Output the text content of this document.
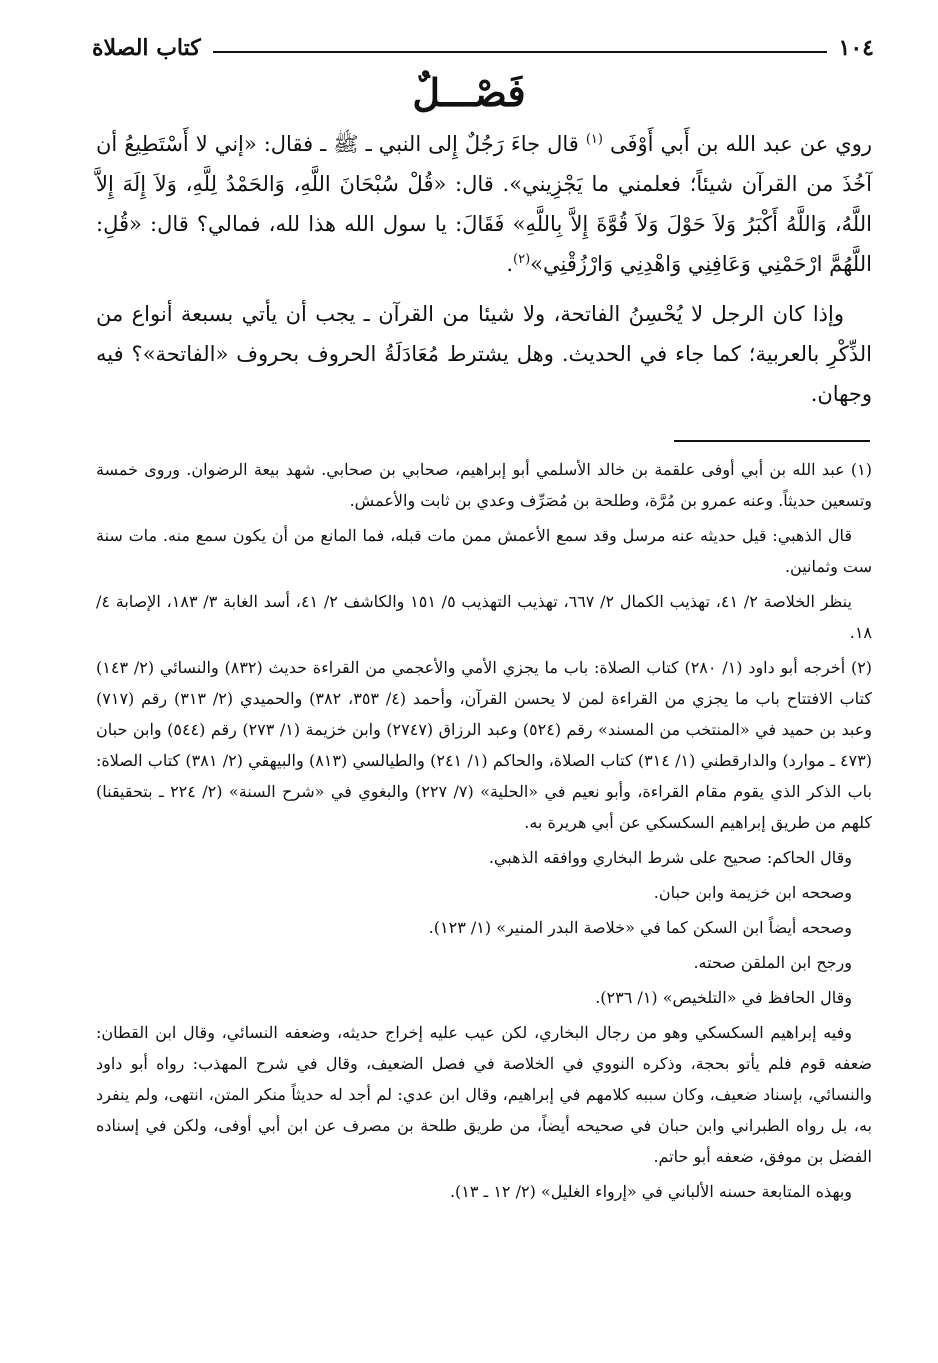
١٠٤
كتاب الصلاة
فَصْـــلٌ

روي عن عبد الله بن أَبي أَوْفَى $^{(١)}$ قال جاءَ رَجُلٌ إِلى النبي ـ ﷺ ـ فقال: «إني لا أَسْتَطِيعُ أن آخُذَ من القرآن شيئاً؛ فعلمني ما يَجْزِيني». قال: «قُلْ سُبْحَانَ اللَّهِ، وَالحَمْدُ لِلَّهِ، وَلاَ إِلَهَ إِلاَّ اللَّهُ، وَاللَّهُ أَكْبَرُ وَلاَ حَوْلَ وَلاَ قُوَّةَ إِلاَّ بِاللَّهِ» فَقَالَ: يا سول الله هذا لله، فمالي؟ قال: «قُلِ: اللَّهُمَّ ارْحَمْنِي وَعَافِنِي وَاهْدِنِي وَارْزُقْنِي»$^{(٢)}$.

وإذا كان الرجل لا يُحْسِنُ الفاتحة، ولا شيئا من القرآن ـ يجب أن يأتي بسبعة أنواع من الذِّكْرِ بالعربية؛ كما جاء في الحديث. وهل يشترط مُعَادَلَةُ الحروف بحروف «الفاتحة»؟ فيه وجهان.

(١) عبد الله بن أبي أوفى علقمة بن خالد الأسلمي أبو إبراهيم، صحابي بن صحابي. شهد بيعة الرضوان. وروى خمسة وتسعين حديثاً. وعنه عمرو بن مُرَّة، وطلحة بن مُصَرِّف وعدي بن ثابت والأعمش.

قال الذهبي: قيل حديثه عنه مرسل وقد سمع الأعمش ممن مات قبله، فما المانع من أن يكون سمع منه. مات سنة ست وثمانين.

ينظر الخلاصة ٢/ ٤١، تهذيب الكمال ٢/ ٦٦٧، تهذيب التهذيب ٥/ ١٥١ والكاشف ٢/ ٤١، أسد الغابة ٣/ ١٨٣، الإصابة ٤/ ١٨.

(٢) أخرجه أبو داود (١/ ٢٨٠) كتاب الصلاة: باب ما يجزي الأمي والأعجمي من القراءة حديث (٨٣٢) والنسائي (٢/ ١٤٣) كتاب الافتتاح باب ما يجزي من القراءة لمن لا يحسن القرآن، وأحمد (٤/ ٣٥٣، ٣٨٢) والحميدي (٢/ ٣١٣) رقم (٧١٧) وعبد بن حميد في «المنتخب من المسند» رقم (٥٢٤) وعبد الرزاق (٢٧٤٧) وابن خزيمة (١/ ٢٧٣) رقم (٥٤٤) وابن حبان (٤٧٣ ـ موارد) والدارقطني (١/ ٣١٤) كتاب الصلاة، والحاكم (١/ ٢٤١) والطيالسي (٨١٣) والبيهقي (٢/ ٣٨١) كتاب الصلاة: باب الذكر الذي يقوم مقام القراءة، وأبو نعيم في «الحلية» (٧/ ٢٢٧) والبغوي في «شرح السنة» (٢/ ٢٢٤ ـ بتحقيقنا) كلهم من طريق إبراهيم السكسكي عن أبي هريرة به.

وقال الحاكم: صحيح على شرط البخاري ووافقه الذهبي.

وصححه ابن خزيمة وابن حبان.

وصححه أيضاً ابن السكن كما في «خلاصة البدر المنير» (١/ ١٢٣).

ورجح ابن الملقن صحته.

وقال الحافظ في «التلخيص» (١/ ٢٣٦).

وفيه إبراهيم السكسكي وهو من رجال البخاري، لكن عيب عليه إخراج حديثه، وضعفه النسائي، وقال ابن القطان: ضعفه قوم فلم يأتو بحجة، وذكره النووي في الخلاصة في فصل الضعيف، وقال في شرح المهذب: رواه أبو داود والنسائي، بإسناد ضعيف، وكان سببه كلامهم في إبراهيم، وقال ابن عدي: لم أجد له حديثاً منكر المتن، انتهى، ولم ينفرد به، بل رواه الطبراني وابن حبان في صحيحه أيضاً، من طريق طلحة بن مصرف عن ابن أبي أوفى، ولكن في إسناده الفضل بن موفق، ضعفه أبو حاتم.

وبهذه المتابعة حسنه الألباني في «إرواء الغليل» (٢/ ١٢ ـ ١٣).
